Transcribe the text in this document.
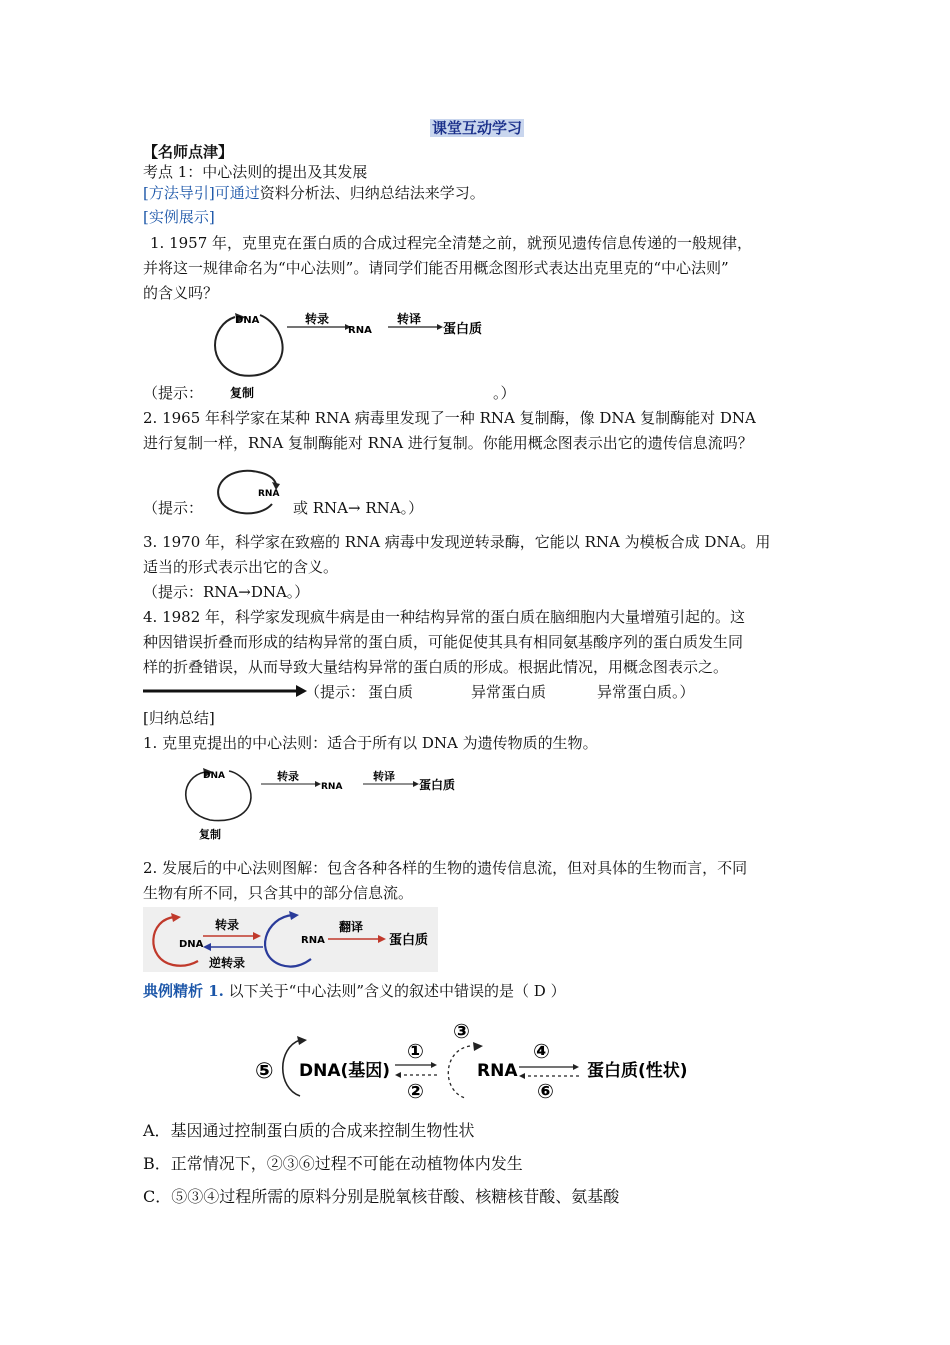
课堂互动学习
【名师点津】
考点 1：中心法则的提出及其发展
[方法导引]可通过资料分析法、归纳总结法来学习。
[实例展示]
1. 1957 年，克里克在蛋白质的合成过程完全清楚之前，就预见遗传信息传递的一般规律，
并将这一规律命名为“中心法则”。请同学们能否用概念图形式表达出克里克的“中心法则”
的含义吗？
DNA
复制
转录
RNA
转译
蛋白质
（提示：	。）
2. 1965 年科学家在某种 RNA 病毒里发现了一种 RNA 复制酶，像 DNA 复制酶能对 DNA
进行复制一样，RNA 复制酶能对 RNA 进行复制。你能用概念图表示出它的遗传信息流吗？
RNA
（提示：	或 RNA→ RNA。）
3. 1970 年，科学家在致癌的 RNA 病毒中发现逆转录酶，它能以 RNA 为模板合成 DNA。用
适当的形式表示出它的含义。
（提示：RNA→DNA。）
4. 1982 年，科学家发现疯牛病是由一种结构异常的蛋白质在脑细胞内大量增殖引起的。这
种因错误折叠而形成的结构异常的蛋白质，可能促使其具有相同氨基酸序列的蛋白质发生同
样的折叠错误，从而导致大量结构异常的蛋白质的形成。根据此情况，用概念图表示之。
（提示： 蛋白质	异常蛋白质	异常蛋白质。）
[归纳总结]
1. 克里克提出的中心法则：适合于所有以 DNA 为遗传物质的生物。
DNA
复制
转录
RNA
转译
蛋白质
2. 发展后的中心法则图解：包含各种各样的生物的遗传信息流，但对具体的生物而言，不同
生物有所不同，只含其中的部分信息流。
DNA
转录
逆转录
RNA
翻译
蛋白质
典例精析 1. 以下关于“中心法则”含义的叙述中错误的是（ D ）
⑤ DNA(基因)
①
②
③
RNA
④
⑥
蛋白质(性状)
A．基因通过控制蛋白质的合成来控制生物性状
B．正常情况下，②③⑥过程不可能在动植物体内发生
C．⑤③④过程所需的原料分别是脱氧核苷酸、核糖核苷酸、氨基酸
